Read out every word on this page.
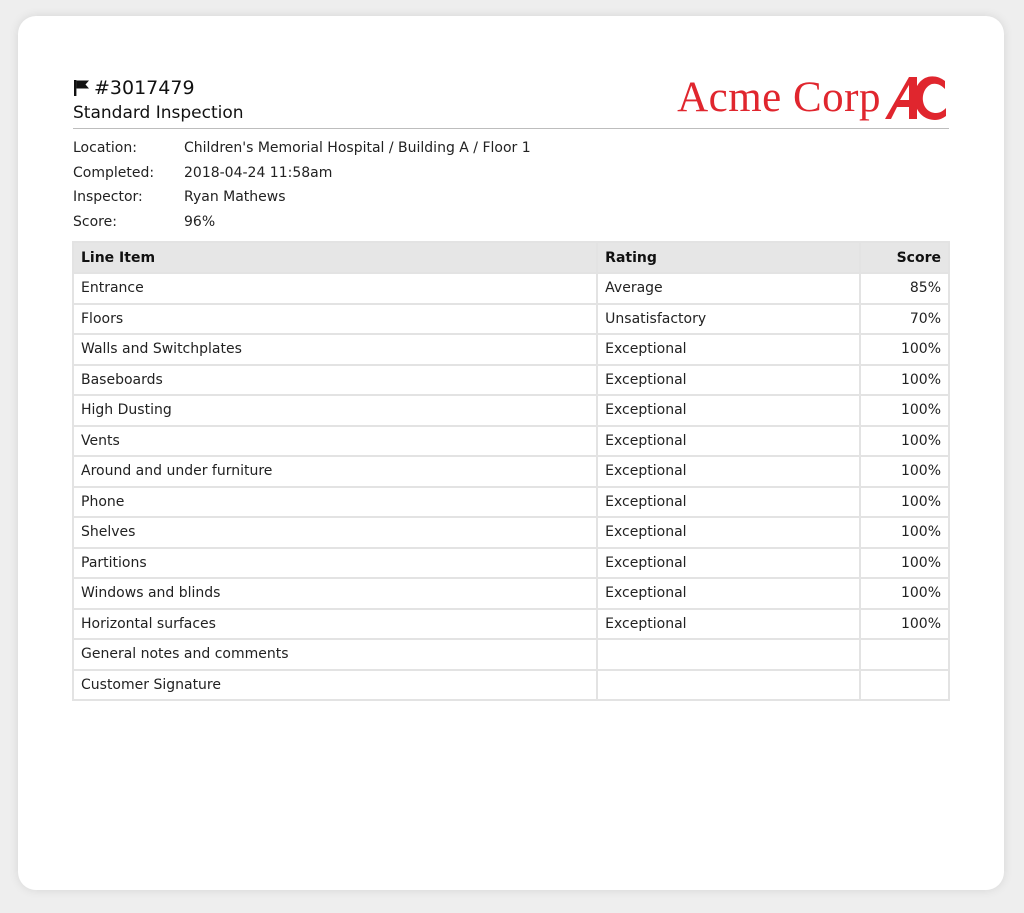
#3017479
Standard Inspection	Acme Corp
Location:	Children's Memorial Hospital / Building A / Floor 1
Completed:	2018-04-24 11:58am
Inspector:	Ryan Mathews
Score:	96%
Line Item	Rating	Score
Entrance	Average	85%
Floors	Unsatisfactory	70%
Walls and Switchplates	Exceptional	100%
Baseboards	Exceptional	100%
High Dusting	Exceptional	100%
Vents	Exceptional	100%
Around and under furniture	Exceptional	100%
Phone	Exceptional	100%
Shelves	Exceptional	100%
Partitions	Exceptional	100%
Windows and blinds	Exceptional	100%
Horizontal surfaces	Exceptional	100%
General notes and comments		
Customer Signature		
